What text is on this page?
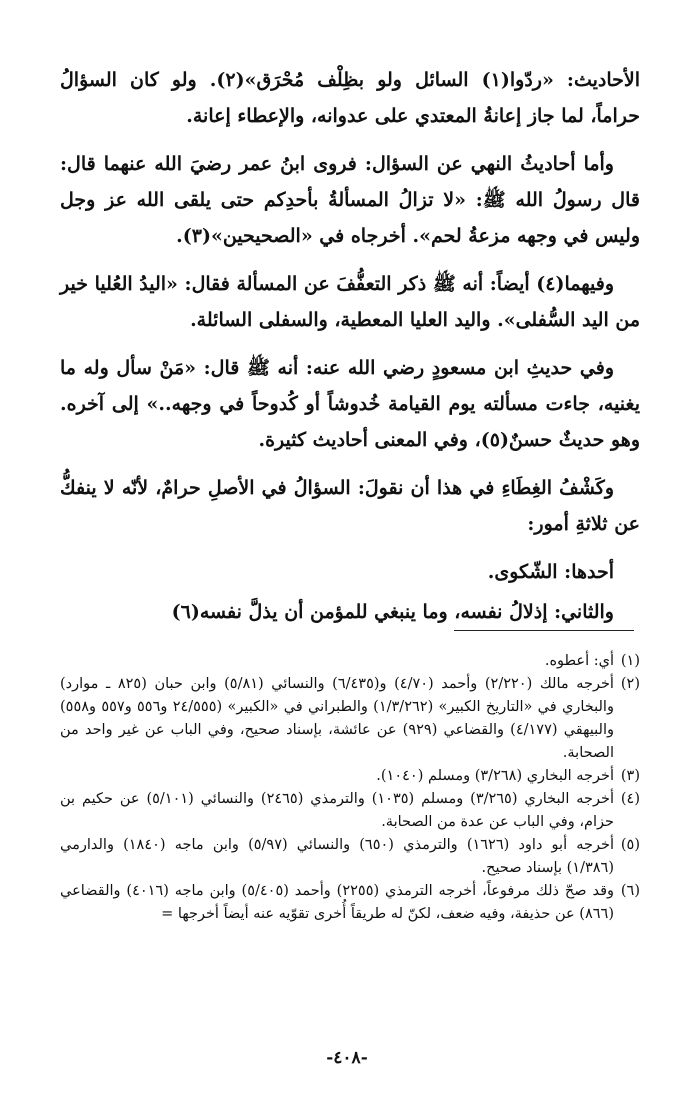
الأحاديث: «ردّوا(١) السائل ولو بظِلْف مُحْرَق»(٢). ولو كان السؤالُ حراماً، لما جاز إعانةُ المعتدي على عدوانه، والإعطاء إعانة.

وأما أحاديثُ النهي عن السؤال: فروى ابنُ عمر رضيَ الله عنهما قال: قال رسولُ الله ﷺ: «لا تزالُ المسألةُ بأحدِكم حتى يلقى الله عز وجل وليس في وجهه مزعةُ لحم». أخرجاه في «الصحيحين»(٣).

وفيهما(٤) أيضاً: أنه ﷺ ذكر التعفُّفَ عن المسألة فقال: «اليدُ العُليا خير من اليد السُّفلى». واليد العليا المعطية، والسفلى السائلة.

وفي حديثِ ابن مسعودٍ رضي الله عنه: أنه ﷺ قال: «مَنْ سأل وله ما يغنيه، جاءت مسألته يوم القيامة خُدوشاً أو كُدوحاً في وجهه..» إلى آخره. وهو حديثٌ حسنٌ(٥)، وفي المعنى أحاديث كثيرة.

وكَشْفُ الغِطَاءِ في هذا أن نقولَ: السؤالُ في الأصلِ حرامٌ، لأنّه لا ينفكُّ عن ثلاثةِ أمور:

أحدها: الشّكوى.

والثاني: إذلالُ نفسه، وما ينبغي للمؤمن أن يذلَّ نفسه(٦)

(١)
أي: أعطوه.
(٢)
أخرجه مالك (٢/٢٢٠) وأحمد (٤/٧٠) و(٦/٤٣٥) والنسائي (٥/٨١) وابن حبان (٨٢٥ ـ موارد) والبخاري في «التاريخ الكبير» (١/٣/٢٦٢) والطبراني في «الكبير» (٢٤/٥٥٥ و٥٥٦ و٥٥٧ و٥٥٨) والبيهقي (٤/١٧٧) والقضاعي (٩٢٩) عن عائشة، بإسناد صحيح، وفي الباب عن غير واحد من الصحابة.
(٣)
أخرجه البخاري (٣/٢٦٨) ومسلم (١٠٤٠).
(٤)
أخرجه البخاري (٣/٢٦٥) ومسلم (١٠٣٥) والترمذي (٢٤٦٥) والنسائي (٥/١٠١) عن حكيم بن حزام، وفي الباب عن عدة من الصحابة.
(٥)
أخرجه أبو داود (١٦٢٦) والترمذي (٦٥٠) والنسائي (٥/٩٧) وابن ماجه (١٨٤٠) والدارمي (١/٣٨٦) بإسناد صحيح.
(٦)
وقد صحّ ذلك مرفوعاً، أخرجه الترمذي (٢٢٥٥) وأحمد (٥/٤٠٥) وابن ماجه (٤٠١٦) والقضاعي (٨٦٦) عن حذيفة، وفيه ضعف، لكنّ له طريقاً أُخرى تقوّيه عنه أيضاً أخرجها =
-٤٠٨-
